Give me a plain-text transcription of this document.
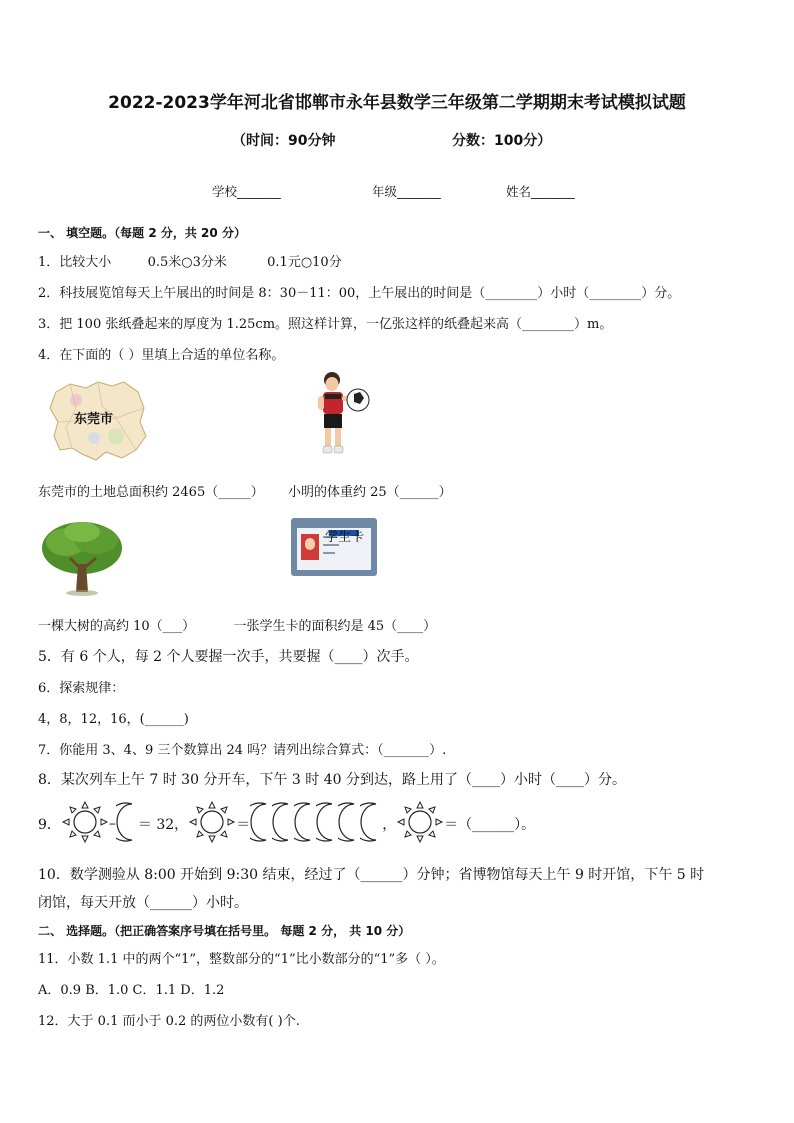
2022-2023学年河北省邯郸市永年县数学三年级第二学期期末考试模拟试题
（时间：90分钟	分数：100分）
学校_______	年级_______	姓名_______
一、 填空题。（每题 2 分，共 20 分）
1．比较大小	0.5米○3分米	0.1元○10分
2．科技展览馆每天上午展出的时间是 8：30－11：00，上午展出的时间是（________）小时（________）分。
3．把 100 张纸叠起来的厚度为 1.25cm。照这样计算，一亿张这样的纸叠起来高（________）m。
4．在下面的（ ）里填上合适的单位名称。
东莞市
东莞市的土地总面积约 2465（_____） 小明的体重约 25（______）
学生卡
一棵大树的高约 10（___）	一张学生卡的面积约是 45（____）
5．有 6 个人，每 2 个人要握一次手，共要握（____）次手。
6．探索规律：
4，8，12，16，(______)
7．你能用 3、4、9 三个数算出 24 吗？请列出综合算式：（_______）.
8．某次列车上午 7 时 30 分开车，下午 3 时 40 分到达，路上用了（____）小时（____）分。
9．	– ＝ 32，	＝	，	＝（______）。
10．数学测验从 8:00 开始到 9:30 结束，经过了（______）分钟；省博物馆每天上午 9 时开馆，下午 5 时
闭馆，每天开放（______）小时。
二、 选择题。（把正确答案序号填在括号里。 每题 2 分， 共 10 分）
11．小数 1.1 中的两个“1”，整数部分的“1”比小数部分的“1”多（ ）。
A．0.9 B．1.0 C．1.1 D．1.2
12．大于 0.1 而小于 0.2 的两位小数有( )个.
